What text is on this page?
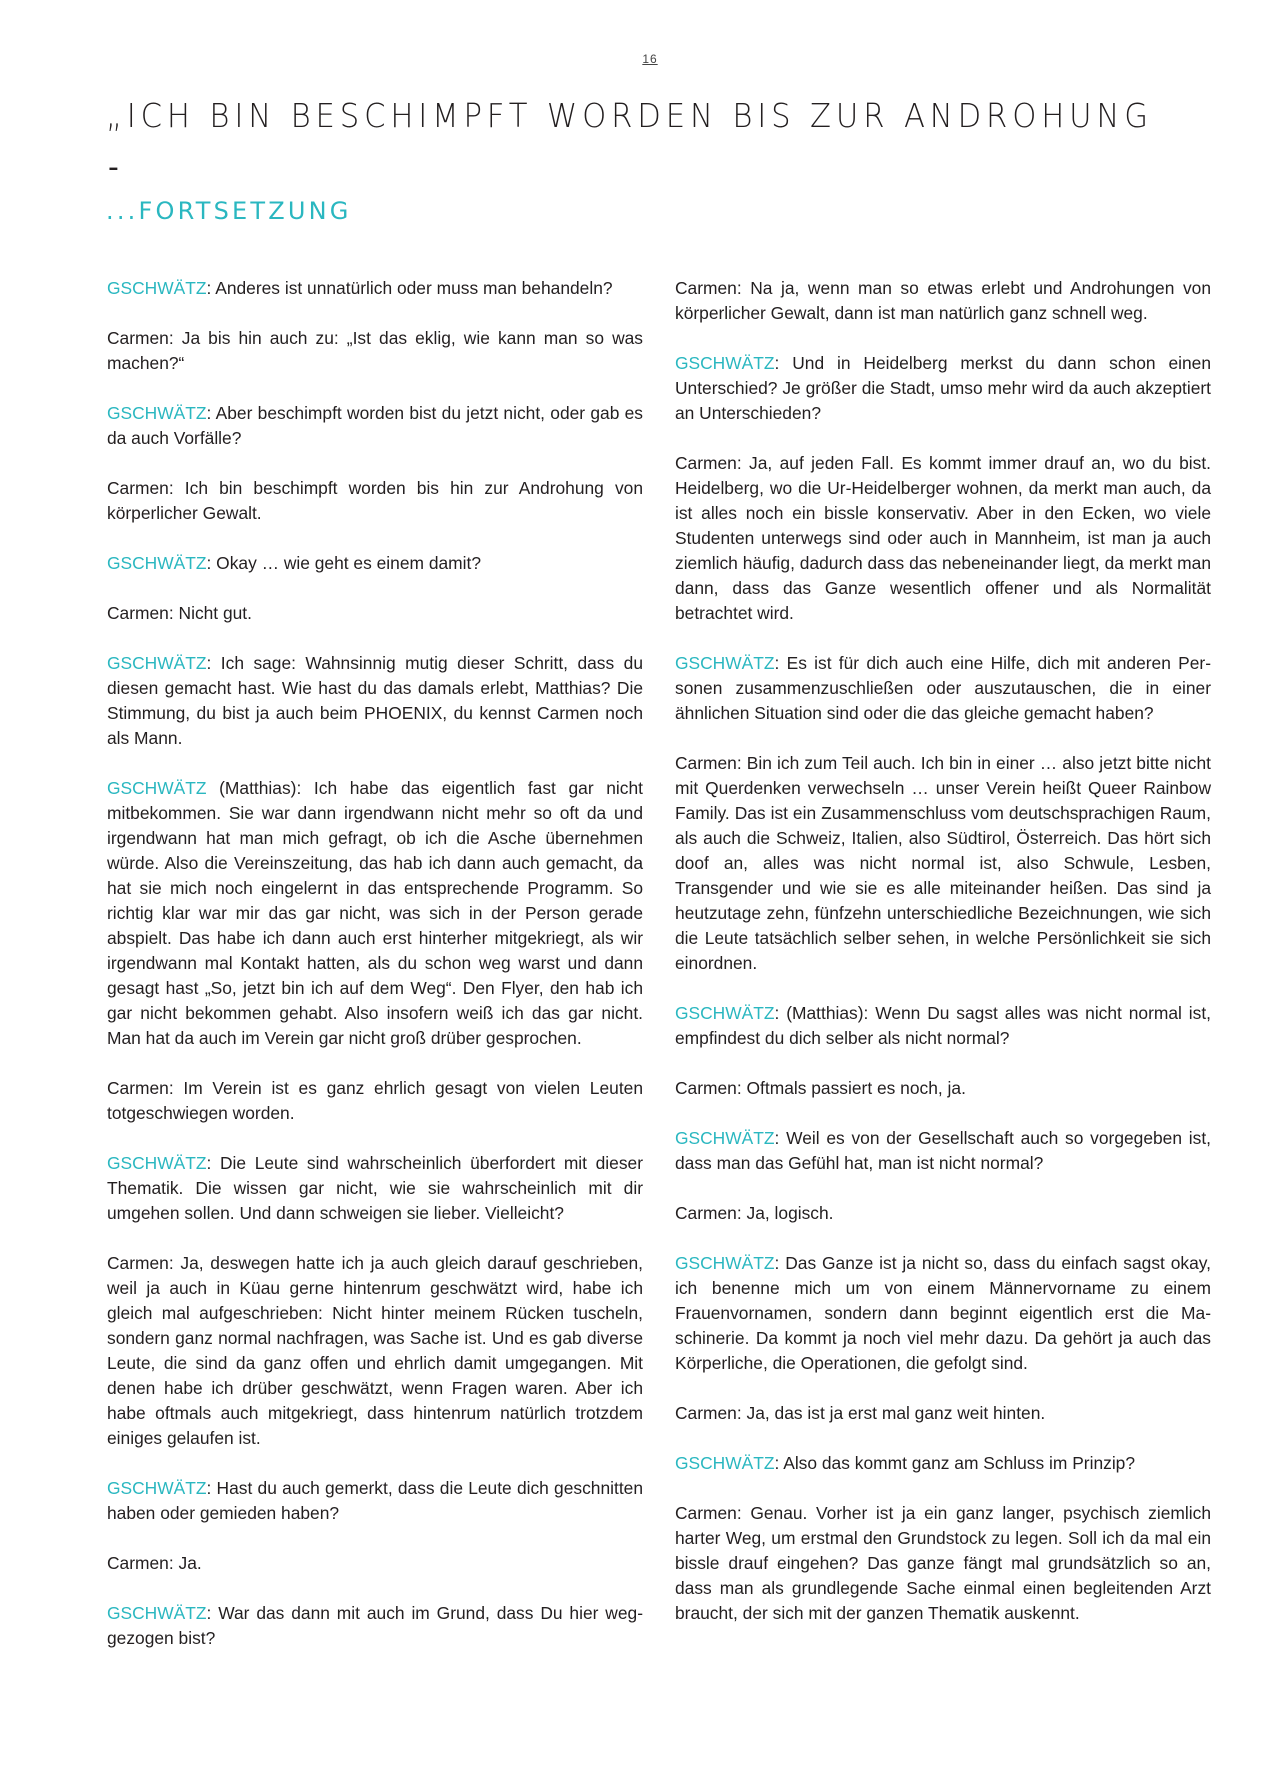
16
„ICH BIN BESCHIMPFT WORDEN BIS ZUR ANDROHUNG
-
...FORTSETZUNG

GSCHWÄTZ: Anderes ist unnatürlich oder muss man behandeln?

Carmen: Ja bis hin auch zu: „Ist das eklig, wie kann man so was machen?“

GSCHWÄTZ: Aber beschimpft worden bist du jetzt nicht, oder gab es da auch Vorfälle?

Carmen: Ich bin beschimpft worden bis hin zur Androhung von körperlicher Gewalt.

GSCHWÄTZ: Okay … wie geht es einem damit?

Carmen: Nicht gut.

GSCHWÄTZ: Ich sage: Wahnsinnig mutig dieser Schritt, dass du diesen gemacht hast. Wie hast du das damals erlebt, Matthias? Die Stimmung, du bist ja auch beim PHOENIX, du kennst Carmen noch als Mann.

GSCHWÄTZ (Matthias): Ich habe das eigentlich fast gar nicht mitbekommen. Sie war dann irgendwann nicht mehr so oft da und irgendwann hat man mich gefragt, ob ich die Asche übernehmen würde. Also die Vereinszeitung, das hab ich dann auch gemacht, da hat sie mich noch eingelernt in das entsprechende Programm. So richtig klar war mir das gar nicht, was sich in der Person gerade abspielt. Das habe ich dann auch erst hinterher mitgekriegt, als wir irgendwann mal Kontakt hatten, als du schon weg warst und dann gesagt hast „So, jetzt bin ich auf dem Weg“. Den Flyer, den hab ich gar nicht bekommen gehabt. Also insofern weiß ich das gar nicht. Man hat da auch im Verein gar nicht groß drüber gesprochen.

Carmen: Im Verein ist es ganz ehrlich gesagt von vielen Leuten totgeschwiegen worden.

GSCHWÄTZ: Die Leute sind wahrscheinlich überfordert mit dieser Thematik. Die wissen gar nicht, wie sie wahrscheinlich mit dir umgehen sollen. Und dann schweigen sie lieber. Vielleicht?

Carmen: Ja, deswegen hatte ich ja auch gleich darauf geschrieben, weil ja auch in Küau gerne hintenrum geschwätzt wird, habe ich gleich mal aufgeschrieben: Nicht hinter meinem Rücken tuscheln, sondern ganz normal nachfragen, was Sache ist. Und es gab diverse Leute, die sind da ganz offen und ehrlich damit umgegangen. Mit denen habe ich drüber geschwätzt, wenn Fragen waren. Aber ich habe oftmals auch mitgekriegt, dass hintenrum natürlich trotzdem einiges gelaufen ist.

GSCHWÄTZ: Hast du auch gemerkt, dass die Leute dich geschnitten haben oder gemieden haben?

Carmen: Ja.

GSCHWÄTZ: War das dann mit auch im Grund, dass Du hier weggezogen bist?

Carmen: Na ja, wenn man so etwas erlebt und Androhungen von körperlicher Gewalt, dann ist man natürlich ganz schnell weg.

GSCHWÄTZ: Und in Heidelberg merkst du dann schon einen Unterschied? Je größer die Stadt, umso mehr wird da auch akzeptiert an Unterschieden?

Carmen: Ja, auf jeden Fall. Es kommt immer drauf an, wo du bist. Heidelberg, wo die Ur-Heidelberger wohnen, da merkt man auch, da ist alles noch ein bissle konservativ. Aber in den Ecken, wo viele Studenten unterwegs sind oder auch in Mannheim, ist man ja auch ziemlich häufig, dadurch dass das nebeneinander liegt, da merkt man dann, dass das Ganze wesentlich offener und als Normalität betrachtet wird.

GSCHWÄTZ: Es ist für dich auch eine Hilfe, dich mit anderen Personen zusammenzuschließen oder auszutauschen, die in einer ähnlichen Situation sind oder die das gleiche gemacht haben?

Carmen: Bin ich zum Teil auch. Ich bin in einer … also jetzt bitte nicht mit Querdenken verwechseln … unser Verein heißt Queer Rainbow Family. Das ist ein Zusammenschluss vom deutschsprachigen Raum, als auch die Schweiz, Italien, also Südtirol, Österreich. Das hört sich doof an, alles was nicht normal ist, also Schwule, Lesben, Transgender und wie sie es alle miteinander heißen. Das sind ja heutzutage zehn, fünfzehn unterschiedliche Bezeichnungen, wie sich die Leute tatsächlich selber sehen, in welche Persönlichkeit sie sich einordnen.

GSCHWÄTZ: (Matthias): Wenn Du sagst alles was nicht normal ist, empfindest du dich selber als nicht normal?

Carmen: Oftmals passiert es noch, ja.

GSCHWÄTZ: Weil es von der Gesellschaft auch so vorgegeben ist, dass man das Gefühl hat, man ist nicht normal?

Carmen: Ja, logisch.

GSCHWÄTZ: Das Ganze ist ja nicht so, dass du einfach sagst okay, ich benenne mich um von einem Männervorname zu einem Frauenvornamen, sondern dann beginnt eigentlich erst die Maschinerie. Da kommt ja noch viel mehr dazu. Da gehört ja auch das Körperliche, die Operationen, die gefolgt sind.

Carmen: Ja, das ist ja erst mal ganz weit hinten.

GSCHWÄTZ: Also das kommt ganz am Schluss im Prinzip?

Carmen: Genau. Vorher ist ja ein ganz langer, psychisch ziemlich harter Weg, um erstmal den Grundstock zu legen. Soll ich da mal ein bissle drauf eingehen? Das ganze fängt mal grundsätzlich so an, dass man als grundlegende Sache einmal einen begleitenden Arzt braucht, der sich mit der ganzen Thematik auskennt.
